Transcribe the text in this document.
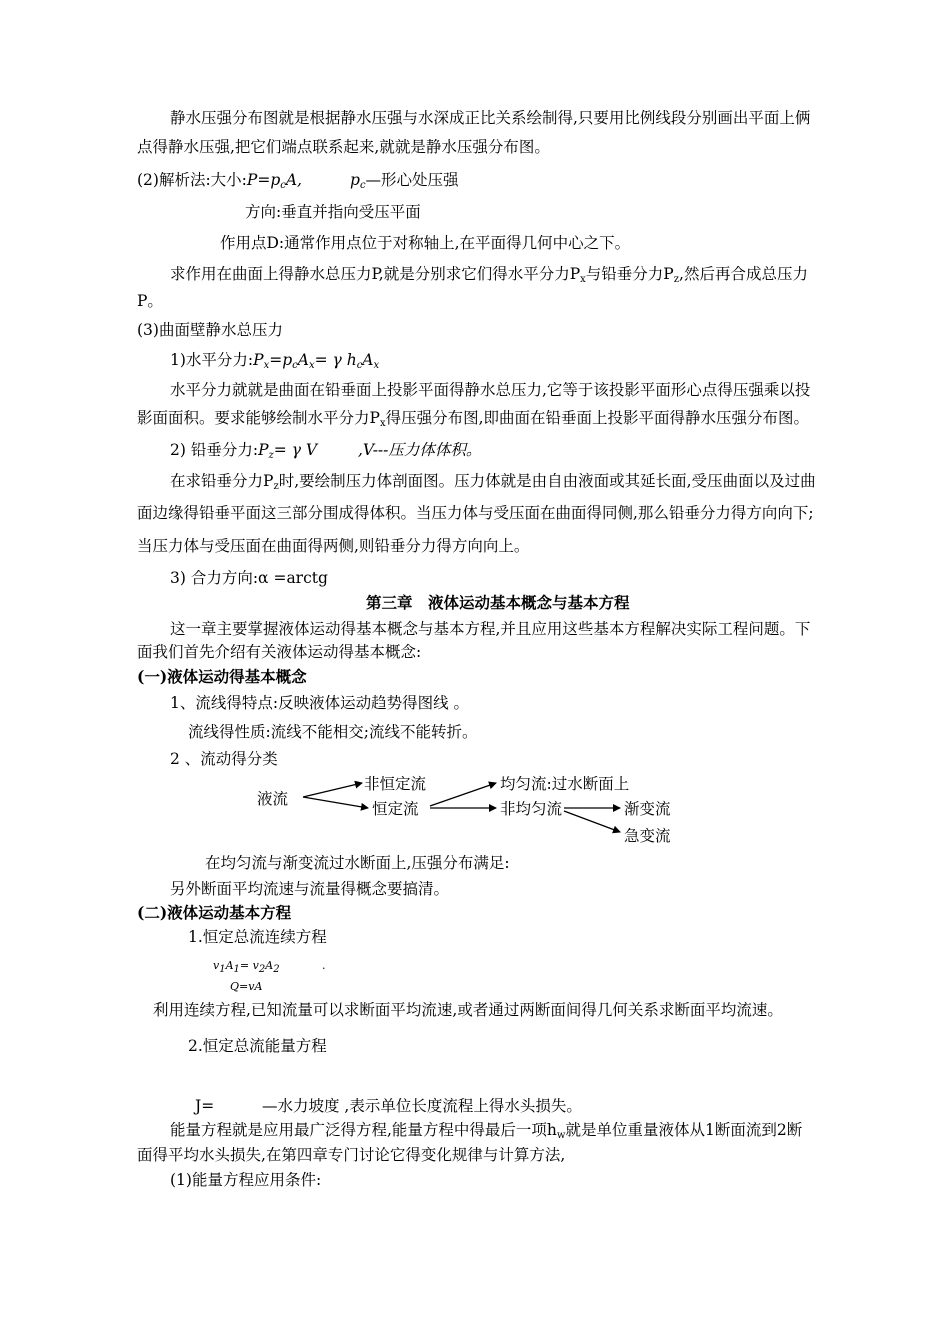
静水压强分布图就是根据静水压强与水深成正比关系绘制得,只要用比例线段分别画出平面上俩
点得静水压强,把它们端点联系起来,就就是静水压强分布图。
(2)解析法:大小$:P=p_cA$,	$p_c—$形心处压强
方向:垂直并指向受压平面
作用点D:通常作用点位于对称轴上,在平面得几何中心之下。
求作用在曲面上得静水总压力P,就是分别求它们得水平分力$P_x$与铅垂分力$P_z$,然后再合成总压力
P。
(3)曲面壁静水总压力
1)水平分力$:P_x=p_cA_x= \gamma$ $h_cA_x$
水平分力就就是曲面在铅垂面上投影平面得静水总压力,它等于该投影平面形心点得压强乘以投
影面面积。要求能够绘制水平分力$P_x$得压强分布图,即曲面在铅垂面上投影平面得静水压强分布图。
2) 铅垂分力$:P_z= \gamma$ V	,V---压力体体积。
在求铅垂分力$P_z$时,要绘制压力体剖面图。压力体就是由自由液面或其延长面,受压曲面以及过曲
面边缘得铅垂平面这三部分围成得体积。当压力体与受压面在曲面得同侧,那么铅垂分力得方向向下;
当压力体与受压面在曲面得两侧,则铅垂分力得方向向上。
3) 合力方向:α =arctg
第三章　液体运动基本概念与基本方程
这一章主要掌握液体运动得基本概念与基本方程,并且应用这些基本方程解决实际工程问题。下
面我们首先介绍有关液体运动得基本概念:
(一)液体运动得基本概念
1、流线得特点:反映液体运动趋势得图线 。
流线得性质:流线不能相交;流线不能转折。
2 、流动得分类
液流
非恒定流
恒定流
均匀流:过水断面上
非均匀流	渐变流
急变流
在均匀流与渐变流过水断面上,压强分布满足:
另外断面平均流速与流量得概念要搞清。
(二)液体运动基本方程
1.恒定总流连续方程
$v_1A_1= v_2A_2$	.
Q=vA
利用连续方程,已知流量可以求断面平均流速,或者通过两断面间得几何关系求断面平均流速。
2.恒定总流能量方程
J=	—水力坡度 ,表示单位长度流程上得水头损失。
能量方程就是应用最广泛得方程,能量方程中得最后一项$h_w$就是单位重量液体从1断面流到2断
面得平均水头损失,在第四章专门讨论它得变化规律与计算方法,
(1)能量方程应用条件:
